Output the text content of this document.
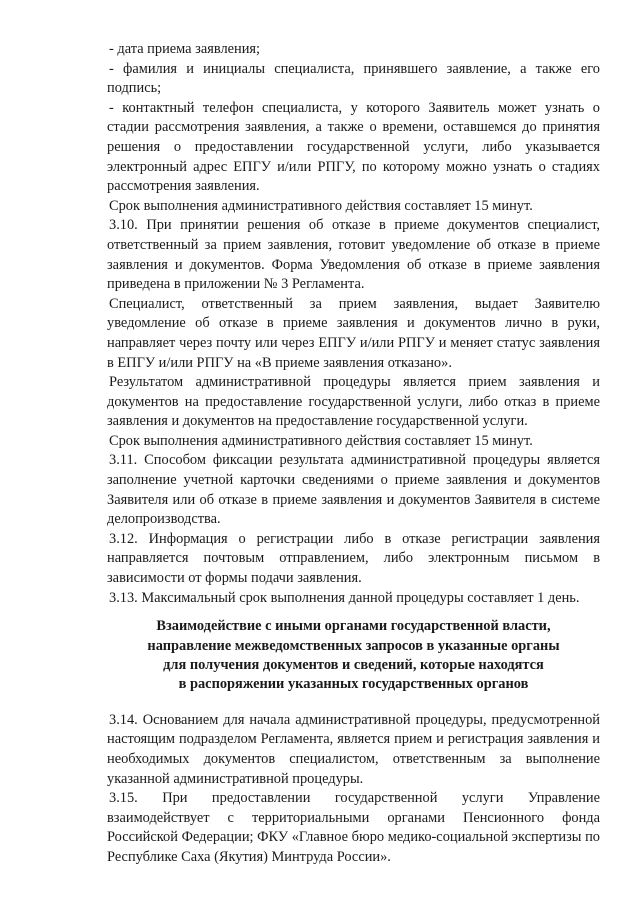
- дата приема заявления;

- фамилия и инициалы специалиста, принявшего заявление, а также его подпись;

- контактный телефон специалиста, у которого Заявитель может узнать о стадии рассмотрения заявления, а также о времени, оставшемся до принятия решения о предоставлении государственной услуги, либо указывается электронный адрес ЕПГУ и/или РПГУ, по которому можно узнать о стадиях рассмотрения заявления.

Срок выполнения административного действия составляет 15 минут.

3.10. При принятии решения об отказе в приеме документов специалист, ответственный за прием заявления, готовит уведомление об отказе в приеме заявления и документов. Форма Уведомления об отказе в приеме заявления приведена в приложении № 3 Регламента.

Специалист, ответственный за прием заявления, выдает Заявителю уведомление об отказе в приеме заявления и документов лично в руки, направляет через почту или через ЕПГУ и/или РПГУ и меняет статус заявления в ЕПГУ и/или РПГУ на «В приеме заявления отказано».

Результатом административной процедуры является прием заявления и документов на предоставление государственной услуги, либо отказ в приеме заявления и документов на предоставление государственной услуги.

Срок выполнения административного действия составляет 15 минут.

3.11. Способом фиксации результата административной процедуры является заполнение учетной карточки сведениями о приеме заявления и документов Заявителя или об отказе в приеме заявления и документов Заявителя в системе делопроизводства.

3.12. Информация о регистрации либо в отказе регистрации заявления направляется почтовым отправлением, либо электронным письмом в зависимости от формы подачи заявления.

3.13. Максимальный срок выполнения данной процедуры составляет 1 день.

Взаимодействие с иными органами государственной власти,
направление межведомственных запросов в указанные органы
для получения документов и сведений, которые находятся
в распоряжении указанных государственных органов

3.14. Основанием для начала административной процедуры, предусмотренной настоящим подразделом Регламента, является прием и регистрация заявления и необходимых документов специалистом, ответственным за выполнение указанной административной процедуры.

3.15. При предоставлении государственной услуги Управление взаимодействует с территориальными органами Пенсионного фонда Российской Федерации; ФКУ «Главное бюро медико-социальной экспертизы по Республике Саха (Якутия) Минтруда России».
